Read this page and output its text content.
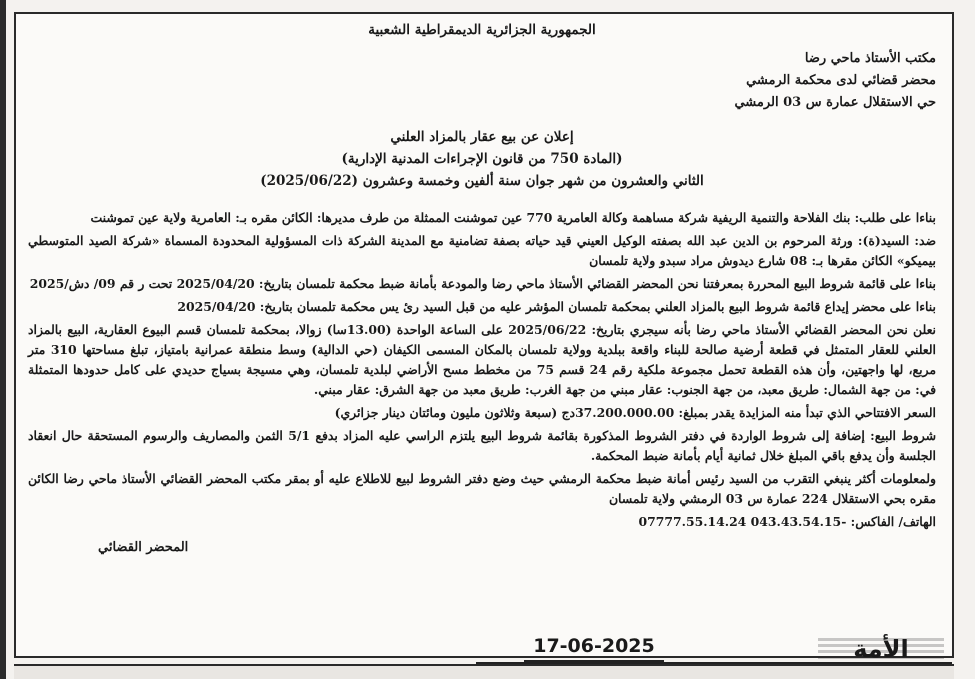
الجمهورية الجزائرية الديمقراطية الشعبية
مكتب الأستاذ ماحي رضا
محضر قضائي لدى محكمة الرمشي
حي الاستقلال عمارة س 03 الرمشي
إعلان عن بيع عقار بالمزاد العلني
(المادة 750 من قانون الإجراءات المدنية الإدارية)
الثاني والعشرون من شهر جوان سنة ألفين وخمسة وعشرون (2025/06/22)

بناءا على طلب: بنك الفلاحة والتنمية الريفية شركة مساهمة وكالة العامرية 770 عين تموشنت الممثلة من طرف مديرها: الكائن مقره بـ: العامرية ولاية عين تموشنت

ضد: السيد(ة): ورثة المرحوم بن الدين عبد الله بصفته الوكيل العيني قيد حياته بصفة تضامنية مع المدينة الشركة ذات المسؤولية المحدودة المسماة «شركة الصيد المتوسطي بيميكو» الكائن مقرها بـ: 08 شارع ديدوش مراد سبدو ولاية تلمسان

بناءا على قائمة شروط البيع المحررة بمعرفتنا نحن المحضر القضائي الأستاذ ماحي رضا والمودعة بأمانة ضبط محكمة تلمسان بتاريخ: 2025/04/20 تحت ر قم 09/ دش/2025

بناءا على محضر إيداع قائمة شروط البيع بالمزاد العلني بمحكمة تلمسان المؤشر عليه من قبل السيد رئ يس محكمة تلمسان بتاريخ: 2025/04/20

نعلن نحن المحضر القضائي الأستاذ ماحي رضا بأنه سيجري بتاريخ: 2025/06/22 على الساعة الواحدة (13.00سا) زوالا، بمحكمة تلمسان قسم البيوع العقارية، البيع بالمزاد العلني للعقار المتمثل في قطعة أرضية صالحة للبناء واقعة ببلدية وولاية تلمسان بالمكان المسمى الكيفان (حي الدالية) وسط منطقة عمرانية بامتياز، تبلغ مساحتها 310 متر مربع، لها واجهتين، وأن هذه القطعة تحمل مجموعة ملكية رقم 24 قسم 75 من مخطط مسح الأراضي لبلدية تلمسان، وهي مسيجة بسياج حديدي على كامل حدودها المتمثلة في: من جهة الشمال: طريق معبد، من جهة الجنوب: عقار مبني من جهة الغرب: طريق معبد من جهة الشرق: عقار مبني.

السعر الافتتاحي الذي تبدأ منه المزايدة يقدر بمبلغ: 37.200.000.00دج (سبعة وثلاثون مليون ومائتان دينار جزائري)

شروط البيع: إضافة إلى شروط الواردة في دفتر الشروط المذكورة بقائمة شروط البيع يلتزم الراسي عليه المزاد بدفع 5/1 الثمن والمصاريف والرسوم المستحقة حال انعقاد الجلسة وأن يدفع باقي المبلغ خلال ثمانية أيام بأمانة ضبط المحكمة.

ولمعلومات أكثر ينبغي التقرب من السيد رئيس أمانة ضبط محكمة الرمشي حيث وضع دفتر الشروط لبيع للاطلاع عليه أو بمقر مكتب المحضر القضائي الأستاذ ماحي رضا الكائن مقره بحي الاستقلال 224 عمارة س 03 الرمشي ولاية تلمسان

الهاتف/ الفاكس: -043.43.54.15 07777.55.14.24

المحضر القضائي
17-06-2025	الأمة
